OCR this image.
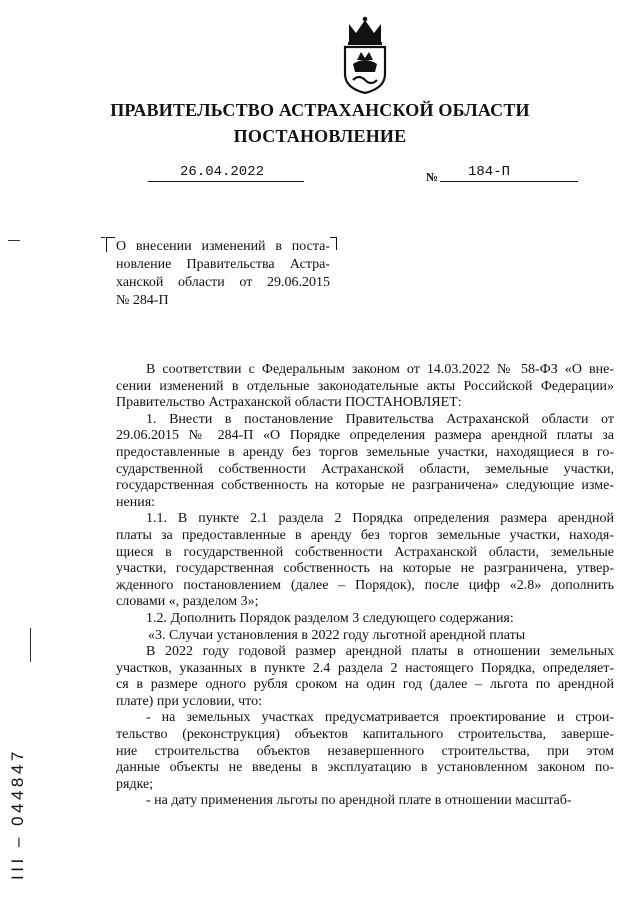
ПРАВИТЕЛЬСТВО АСТРАХАНСКОЙ ОБЛАСТИ
ПОСТАНОВЛЕНИЕ
26.04.2022	№ 184-П
О внесении изменений в поста-
новление Правительства Астра-
ханской области от 29.06.2015
№ 284-П
В соответствии с Федеральным законом от 14.03.2022 № 58-ФЗ «О вне-
сении изменений в отдельные законодательные акты Российской Федерации»
Правительство Астраханской области ПОСТАНОВЛЯЕТ:
1. Внести в постановление Правительства Астраханской области от
29.06.2015 № 284-П «О Порядке определения размера арендной платы за
предоставленные в аренду без торгов земельные участки, находящиеся в го-
сударственной собственности Астраханской области, земельные участки,
государственная собственность на которые не разграничена» следующие изме-
нения:
1.1. В пункте 2.1 раздела 2 Порядка определения размера арендной
платы за предоставленные в аренду без торгов земельные участки, находя-
щиеся в государственной собственности Астраханской области, земельные
участки, государственная собственность на которые не разграничена, утвер-
жденного постановлением (далее – Порядок), после цифр «2.8» дополнить
словами «, разделом 3»;
1.2. Дополнить Порядок разделом 3 следующего содержания:
«3. Случаи установления в 2022 году льготной арендной платы
В 2022 году годовой размер арендной платы в отношении земельных
участков, указанных в пункте 2.4 раздела 2 настоящего Порядка, определяет-
ся в размере одного рубля сроком на один год (далее – льгота по арендной
плате) при условии, что:
- на земельных участках предусматривается проектирование и строи-
тельство (реконструкция) объектов капитального строительства, заверше-
ние строительства объектов незавершенного строительства, при этом
данные объекты не введены в эксплуатацию в установленном законом по-
рядке;
- на дату применения льготы по арендной плате в отношении масштаб-
III – 044847
